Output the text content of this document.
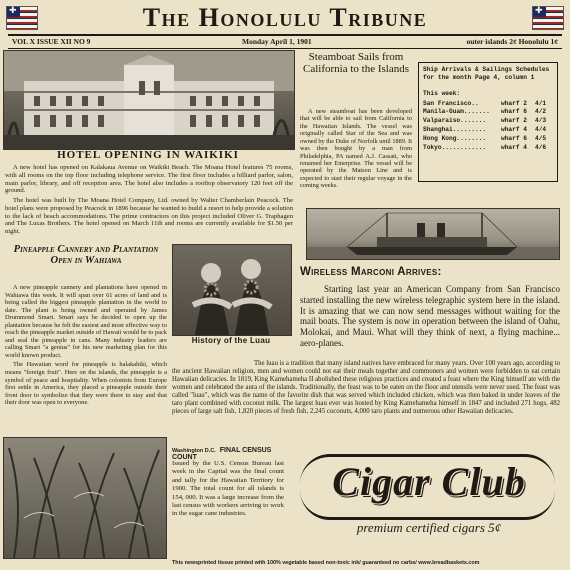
✚
✚
The Honolulu Tribune
VOL X ISSUE XII NO 9	Monday April 1, 1901	outer islands 2¢ Honolulu 1¢
HOTEL OPENING IN WAIKIKI

A new hotel has opened on Kalakaua Avenue on Waikiki Beach. The Moana Hotel features 75 rooms, with all rooms on the top floor including telephone service. The first floor includes a billiard parlor, salon, main parlor, library, and off reception area. The hotel also includes a rooftop observatory 120 feet off the ground.

The hotel was built by The Moana Hotel Company, Ltd. owned by Walter Chamberlain Peacock. The hotel plans were proposed by Peacock in 1896 because he wanted to build a resort to help provide a solution to the lack of beach accommodations. The prime contractors on this project included Oliver G. Traphagen and The Lucas Brothers. The hotel opened on March 11th and rooms are currently available for $1.50 per night.

Steamboat Sails from California to the Islands

A new steamboat has been developed that will be able to sail from California to the Hawaiian Islands. The vessel was originally called Star of the Sea and was owned by the Duke of Norfolk until 1889. It was then bought by a man from Philadelphia, PA named A.J. Cassatt, who renamed her Enterprise. The vessel will be operated by the Matson Line and is expected to start their regular voyage in the coming weeks.

Ship Arrivals & Sailings Schedules for the month Page 4, column 1
This week:
San Francisco..	wharf 2	4/1
Manila-Guam.......	wharf 6	4/2
Valparaiso.......	wharf 2	4/3
Shanghai.........	wharf 4	4/4
Hong Kong........	wharf 6	4/5
Tokyo............	wharf 4	4/6
Pineapple Cannery and Plantation Open in Wahiawa

A new pineapple cannery and plantations have opened in Wahiawa this week. It will span over 61 acres of land and is being called the biggest pineapple plantation in the world to date. The plant is being owned and operated by James Drummond Smart. Smart says he decided to open up the plantation because he felt the easiest and most effective way to reach the pineapple market outside of Hawaii would be to pack and seal the pineapple in cans. Many industry leaders are calling Smart "a genius" for his new marketing plan for this world known product.

The Hawaiian word for pineapple is halakahiki, which means "foreign fruit". Here on the islands, the pineapple is a symbol of peace and hospitality. When colonists from Europe first settle in America, they placed a pineapple outside their front door to symbolize that they were there to stay and that their door was open to everyone.

History of the Luau
Wireless Marconi Arrives:

Starting last year an American Company from San Francisco started installing the new wireless telegraphic system here in the island. It is amazing that we can now send messages without waiting for the mail boats. The system is now in operation between the island of Oahu, Molokai, and Maui. What will they think of next, a flying machine... aero-planes.

The luau is a tradition that many island natives have embraced for many years. Over 100 years ago, according to the ancient Hawaiian religion, men and women could not eat their meals together and commoners and women were forbidden to eat certain Hawaiian delicacies. In 1819, King Kamehameha II abolished these religious practices and created a feast where the King himself ate with the women and celebrated the aura of the islands. Traditionally, the feast was to be eaten on the floor and utensils were never used. The feast was called "luau", which was the name of the favorite dish that was served which included chicken, which was then baked in under leaves of the taro plant combined with coconut milk. The largest luau ever was hosted by King Kamehameha himself in 1847 and included 271 hogs, 482 pieces of large salt fish, 1,820 pieces of fresh fish, 2,245 coconuts, 4,000 taro plants and numerous other Hawaiian delicacies.

Washington D.C. FINAL CENSUS COUNT

Issued by the U.S. Census Bureau last week in the Capital was the final count and tally for the Hawaiian Territory for 1900. The total count for all islands is 154, 000. It was a large increase from the last census with workers arriving to work in the sugar cane industries.

Cigar Club
premium certified cigars 5¢
This newsprinted tissue printed with 100% vegetable based non-toxic ink/ guaranteed no carbs/ www.breadbaskets.com
